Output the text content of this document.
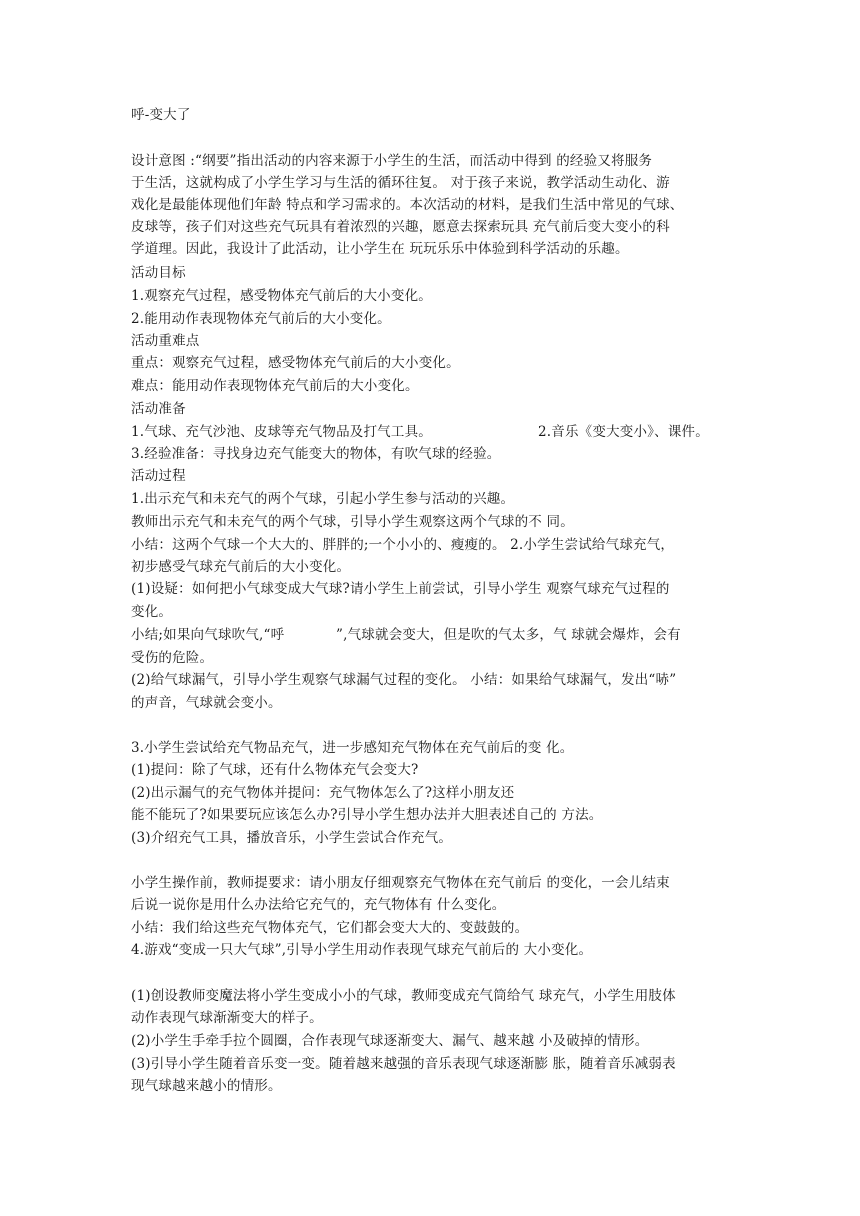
呼-变大了
设计意图 :“纲要”指出活动的内容来源于小学生的生活，而活动中得到 的经验又将服务
于生活，这就构成了小学生学习与生活的循环往复。 对于孩子来说，教学活动生动化、游
戏化是最能体现他们年龄 特点和学习需求的。本次活动的材料，是我们生活中常见的气球、
皮球等，孩子们对这些充气玩具有着浓烈的兴趣，愿意去探索玩具 充气前后变大变小的科
学道理。因此，我设计了此活动，让小学生在 玩玩乐乐中体验到科学活动的乐趣。
活动目标
1.观察充气过程，感受物体充气前后的大小变化。
2.能用动作表现物体充气前后的大小变化。
活动重难点
重点：观察充气过程，感受物体充气前后的大小变化。
难点：能用动作表现物体充气前后的大小变化。
活动准备
1.气球、充气沙池、皮球等充气物品及打气工具。	2.音乐《变大变小》、课件。
3.经验准备：寻找身边充气能变大的物体，有吹气球的经验。
活动过程
1.出示充气和未充气的两个气球，引起小学生参与活动的兴趣。
教师出示充气和未充气的两个气球，引导小学生观察这两个气球的不 同。
小结：这两个气球一个大大的、胖胖的;一个小小的、瘦瘦的。 2.小学生尝试给气球充气，
初步感受气球充气前后的大小变化。
(1)设疑：如何把小气球变成大气球?请小学生上前尝试，引导小学生 观察气球充气过程的
变化。
小结;如果向气球吹气,“呼	”,气球就会变大，但是吹的气太多，气 球就会爆炸，会有
受伤的危险。
(2)给气球漏气，引导小学生观察气球漏气过程的变化。 小结：如果给气球漏气，发出“哧”
的声音，气球就会变小。
3.小学生尝试给充气物品充气，进一步感知充气物体在充气前后的变 化。
(1)提问：除了气球，还有什么物体充气会变大?
(2)出示漏气的充气物体并提问：充气物体怎么了?这样小朋友还
能不能玩了?如果要玩应该怎么办?引导小学生想办法并大胆表述自己的 方法。
(3)介绍充气工具，播放音乐，小学生尝试合作充气。
小学生操作前，教师提要求：请小朋友仔细观察充气物体在充气前后 的变化，一会儿结束
后说一说你是用什么办法给它充气的，充气物体有 什么变化。
小结：我们给这些充气物体充气，它们都会变大大的、变鼓鼓的。
4.游戏“变成一只大气球”,引导小学生用动作表现气球充气前后的 大小变化。
(1)创设教师变魔法将小学生变成小小的气球，教师变成充气筒给气 球充气，小学生用肢体
动作表现气球渐渐变大的样子。
(2)小学生手牵手拉个圆圈，合作表现气球逐渐变大、漏气、越来越 小及破掉的情形。
(3)引导小学生随着音乐变一变。随着越来越强的音乐表现气球逐渐膨 胀，随着音乐减弱表
现气球越来越小的情形。
